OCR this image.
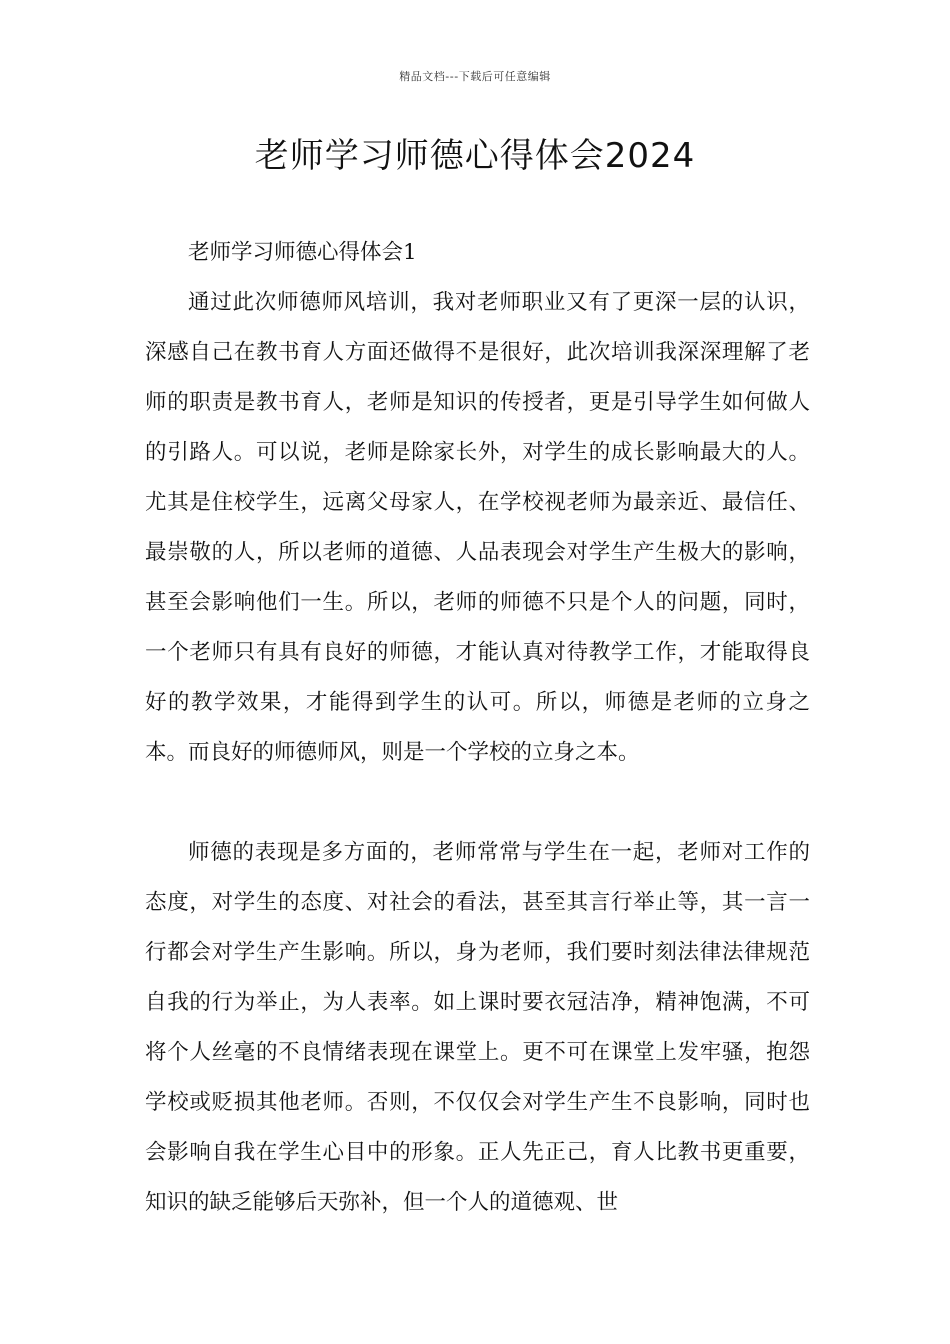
精品文档---下载后可任意编辑
老师学习师德心得体会2024

老师学习师德心得体会1

通过此次师德师风培训，我对老师职业又有了更深一层的认识，深感自己在教书育人方面还做得不是很好，此次培训我深深理解了老师的职责是教书育人，老师是知识的传授者，更是引导学生如何做人的引路人。可以说，老师是除家长外，对学生的成长影响最大的人。尤其是住校学生，远离父母家人，在学校视老师为最亲近、最信任、最崇敬的人，所以老师的道德、人品表现会对学生产生极大的影响，甚至会影响他们一生。所以，老师的师德不只是个人的问题，同时，一个老师只有具有良好的师德，才能认真对待教学工作，才能取得良好的教学效果，才能得到学生的认可。所以，师德是老师的立身之本。而良好的师德师风，则是一个学校的立身之本。

师德的表现是多方面的，老师常常与学生在一起，老师对工作的态度，对学生的态度、对社会的看法，甚至其言行举止等，其一言一行都会对学生产生影响。所以，身为老师，我们要时刻法律法律规范自我的行为举止，为人表率。如上课时要衣冠洁净，精神饱满，不可将个人丝毫的不良情绪表现在课堂上。更不可在课堂上发牢骚，抱怨学校或贬损其他老师。否则，不仅仅会对学生产生不良影响，同时也会影响自我在学生心目中的形象。正人先正己，育人比教书更重要，知识的缺乏能够后天弥补，但一个人的道德观、世
